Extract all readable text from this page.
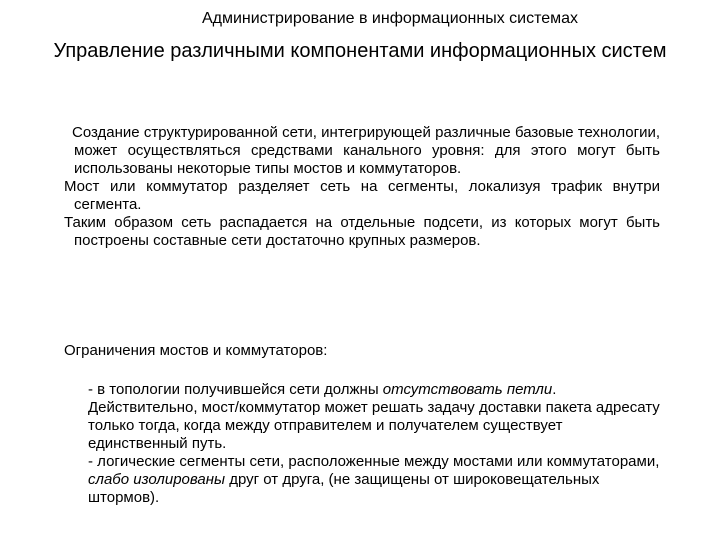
Администрирование в информационных системах
Управление различными компонентами информационных систем

Создание структурированной сети, интегрирующей различные базовые технологии, может осуществляться средствами канального уровня: для этого могут быть использованы некоторые типы мостов и коммутаторов.

Мост или коммутатор разделяет сеть на сегменты, локализуя трафик внутри сегмента.

Таким образом сеть распадается на отдельные подсети, из которых могут быть построены составные сети достаточно крупных размеров.

Ограничения мостов и коммутаторов:

- в топологии получившейся сети должны отсутствовать петли. Действительно, мост/коммутатор может решать задачу доставки пакета адресату только тогда, когда между отправителем и получателем существует единственный путь.

- логические сегменты сети, расположенные между мостами или коммутаторами, слабо изолированы друг от друга, (не защищены от широковещательных штормов).
